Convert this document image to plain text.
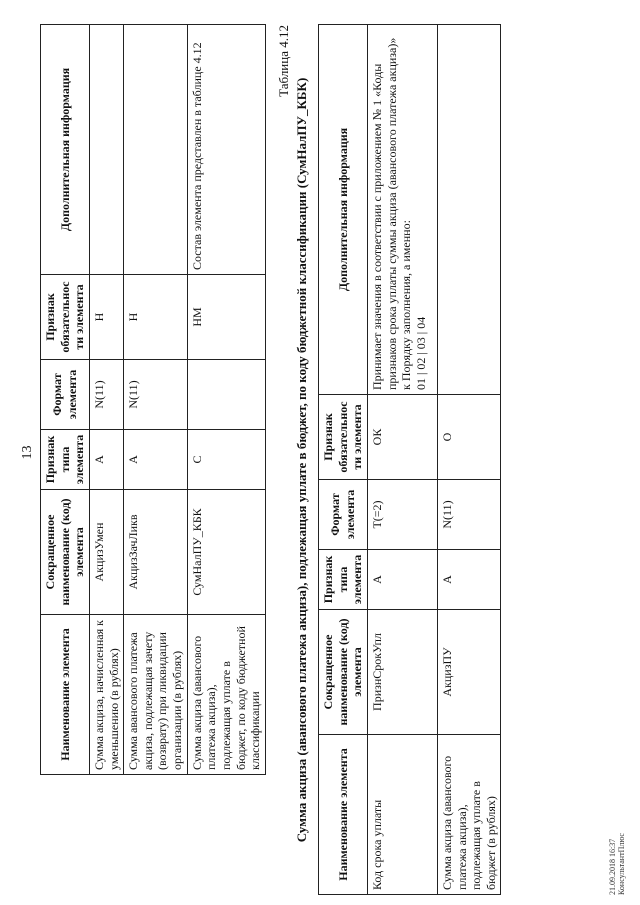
13
Наименование элемента	Сокращенное наименование (код) элемента	Признак типа элемента	Формат элемента	Признак обязательности элемента	Дополнительная информация
Сумма акциза, начисленная к уменьшению (в рублях)	АкцизУмен	А	N(11)	Н	
Сумма авансового платежа акциза, подлежащая зачету (возврату) при ликвидации организации (в рублях)	АкцизЗачЛикв	А	N(11)	Н	
Сумма акциза (авансового платежа акциза), подлежащая уплате в бюджет, по коду бюджетной классификации	СумНалПУ_КБК	С		НМ	Состав элемента представлен в таблице 4.12	Таблица 4.12
Сумма акциза (авансового платежа акциза), подлежащая уплате в бюджет, по коду бюджетной классификации (СумНалПУ_КБК) Наименование элемента	Сокращенное наименование (код) элемента	Признак типа элемента	Формат элемента	Признак обязательности элемента	Дополнительная информация
Код срока уплаты	ПризнСрокУпл	А	Т(=2)	ОК	Принимает значения в соответствии с приложением № 1 «Коды признаков срока уплаты суммы акциза (авансового платежа акциза)» к Порядку заполнения, а именно:
01 | 02 | 03 | 04
Сумма акциза (авансового платежа акциза), подлежащая уплате в бюджет (в рублях)	АкцизПУ	А	N(11)	О	
21.09.2018 16:37 КонсультантПлюс
